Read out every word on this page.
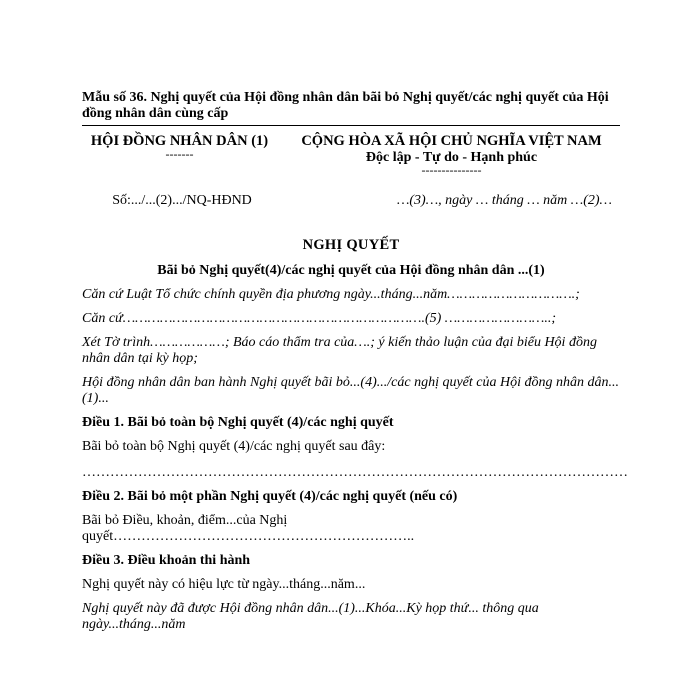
Mẫu số 36. Nghị quyết của Hội đồng nhân dân bãi bỏ Nghị quyết/các nghị quyết của Hội đồng nhân dân cùng cấp
HỘI ĐỒNG NHÂN DÂN (1)
-------
CỘNG HÒA XÃ HỘI CHỦ NGHĨA VIỆT NAM
Độc lập - Tự do - Hạnh phúc
---------------
Số:.../...(2).../NQ-HĐND	…(3)…, ngày … tháng … năm …(2)…
NGHỊ QUYẾT
Bãi bỏ Nghị quyết(4)/các nghị quyết của Hội đồng nhân dân ...(1)
Căn cứ Luật Tổ chức chính quyền địa phương ngày...tháng...năm………………………….;
Căn cứ……………………………………………………………….(5) ……………………..;
Xét Tờ trình………………; Báo cáo thẩm tra của….; ý kiến thảo luận của đại biểu Hội đồng nhân dân tại kỳ họp;
Hội đồng nhân dân ban hành Nghị quyết bãi bỏ...(4).../các nghị quyết của Hội đồng nhân dân...(1)...
Điều 1. Bãi bỏ toàn bộ Nghị quyết (4)/các nghị quyết
Bãi bỏ toàn bộ Nghị quyết (4)/các nghị quyết sau đây:
………………………………………………………………………………………………………
Điều 2. Bãi bỏ một phần Nghị quyết (4)/các nghị quyết (nếu có)
Bãi bỏ Điều, khoản, điểm...của Nghị quyết………………………………………………………..
Điều 3. Điều khoản thi hành
Nghị quyết này có hiệu lực từ ngày...tháng...năm...
Nghị quyết này đã được Hội đồng nhân dân...(1)...Khóa...Kỳ họp thứ... thông qua ngày...tháng...năm
